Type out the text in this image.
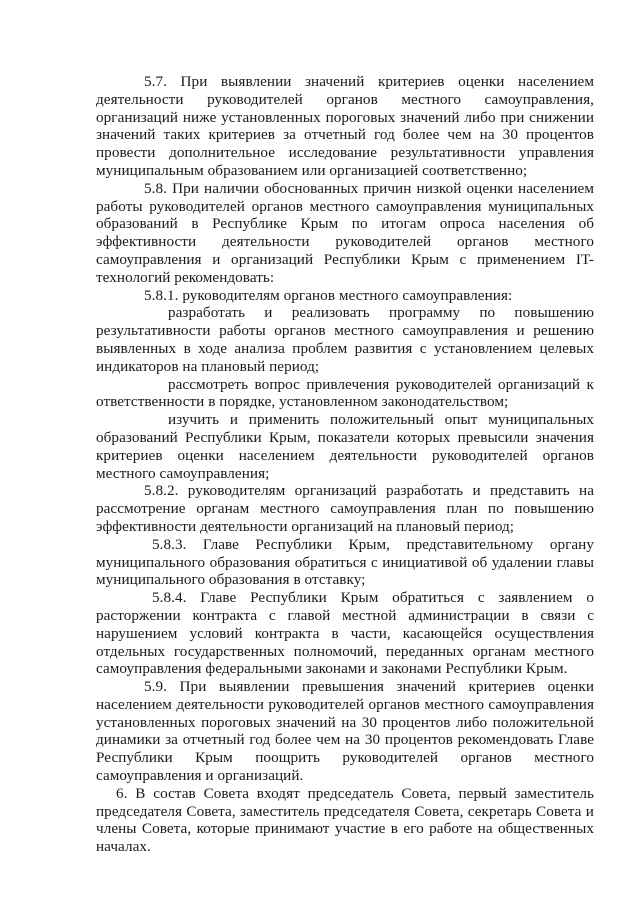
5.7. При выявлении значений критериев оценки населением деятельности руководителей органов местного самоуправления, организаций ниже установленных пороговых значений либо при снижении значений таких критериев за отчетный год более чем на 30 процентов провести дополнительное исследование результативности управления муниципальным образованием или организацией соответственно;

5.8. При наличии обоснованных причин низкой оценки населением работы руководителей органов местного самоуправления муниципальных образований в Республике Крым по итогам опроса населения об эффективности деятельности руководителей органов местного самоуправления и организаций Республики Крым с применением IT-технологий рекомендовать:

5.8.1. руководителям органов местного самоуправления:

разработать и реализовать программу по повышению результативности работы органов местного самоуправления и решению выявленных в ходе анализа проблем развития с установлением целевых индикаторов на плановый период;

рассмотреть вопрос привлечения руководителей организаций к ответственности в порядке, установленном законодательством;

изучить и применить положительный опыт муниципальных образований Республики Крым, показатели которых превысили значения критериев оценки населением деятельности руководителей органов местного самоуправления;

5.8.2. руководителям организаций разработать и представить на рассмотрение органам местного самоуправления план по повышению эффективности деятельности организаций на плановый период;

5.8.3. Главе Республики Крым, представительному органу муниципального образования обратиться с инициативой об удалении главы муниципального образования в отставку;

5.8.4. Главе Республики Крым обратиться с заявлением о расторжении контракта с главой местной администрации в связи с нарушением условий контракта в части, касающейся осуществления отдельных государственных полномочий, переданных органам местного самоуправления федеральными законами и законами Республики Крым.

5.9. При выявлении превышения значений критериев оценки населением деятельности руководителей органов местного самоуправления установленных пороговых значений на 30 процентов либо положительной динамики за отчетный год более чем на 30 процентов рекомендовать Главе Республики Крым поощрить руководителей органов местного самоуправления и организаций.

6. В состав Совета входят председатель Совета, первый заместитель председателя Совета, заместитель председателя Совета, секретарь Совета и члены Совета, которые принимают участие в его работе на общественных началах.
